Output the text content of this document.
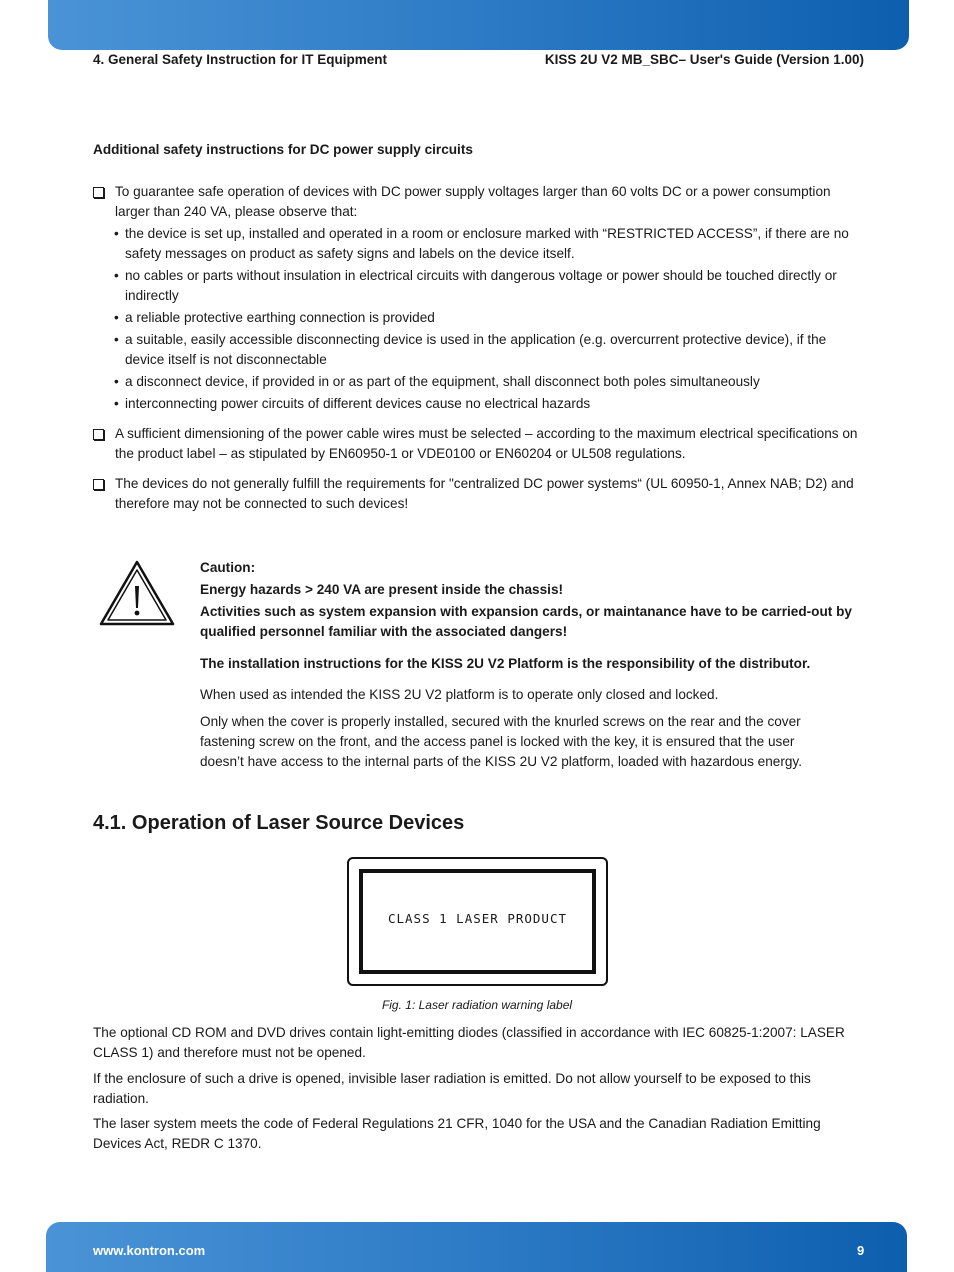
4. General Safety Instruction for IT Equipment	KISS 2U V2 MB_SBC– User's Guide (Version 1.00)
Additional safety instructions for DC power supply circuits
To guarantee safe operation of devices with DC power supply voltages larger than 60 volts DC or a power consumption larger than 240 VA, please observe that:
• the device is set up, installed and operated in a room or enclosure marked with “RESTRICTED ACCESS”, if there are no safety messages on product as safety signs and labels on the device itself.
• no cables or parts without insulation in electrical circuits with dangerous voltage or power should be touched directly or indirectly
• a reliable protective earthing connection is provided
• a suitable, easily accessible disconnecting device is used in the application (e.g. overcurrent protective device), if the device itself is not disconnectable
• a disconnect device, if provided in or as part of the equipment, shall disconnect both poles simultaneously
• interconnecting power circuits of different devices cause no electrical hazards
A sufficient dimensioning of the power cable wires must be selected – according to the maximum electrical specifications on the product label – as stipulated by EN60950-1 or VDE0100 or EN60204 or UL508 regulations.
The devices do not generally fulfill the requirements for "centralized DC power systems“ (UL 60950-1, Annex NAB; D2) and therefore may not be connected to such devices!
Caution:
Energy hazards > 240 VA are present inside the chassis!
Activities such as system expansion with expansion cards, or maintanance have to be carried-out by qualified personnel familiar with the associated dangers!
The installation instructions for the KISS 2U V2 Platform is the responsibility of the distributor.
When used as intended the KISS 2U V2 platform is to operate only closed and locked.
Only when the cover is properly installed, secured with the knurled screws on the rear and the cover fastening screw on the front, and the access panel is locked with the key, it is ensured that the user doesn’t have access to the internal parts of the KISS 2U V2 platform, loaded with hazardous energy.
4.1. Operation of Laser Source Devices
CLASS 1 LASER PRODUCT
Fig. 1: Laser radiation warning label
The optional CD ROM and DVD drives contain light-emitting diodes (classified in accordance with IEC 60825-1:2007: LASER CLASS 1) and therefore must not be opened.
If the enclosure of such a drive is opened, invisible laser radiation is emitted. Do not allow yourself to be exposed to this radiation.
The laser system meets the code of Federal Regulations 21 CFR, 1040 for the USA and the Canadian Radiation Emitting Devices Act, REDR C 1370.
www.kontron.com	9
